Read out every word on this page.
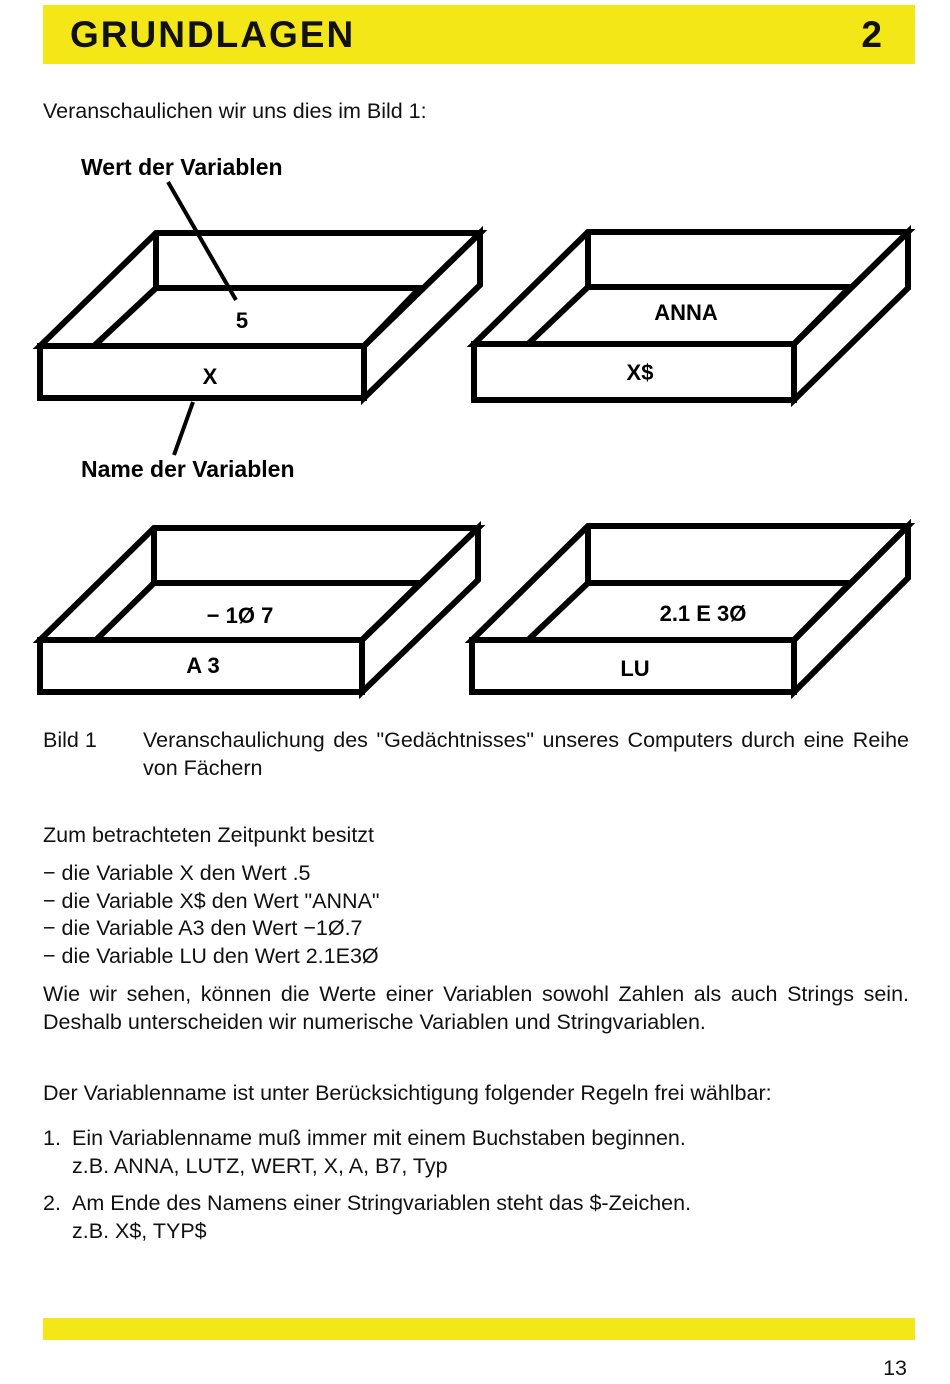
GRUNDLAGEN	2
Veranschaulichen wir uns dies im Bild 1:
Wert der Variablen
Name der Variablen
5
X
ANNA
X$
− 1Ø 7
A 3
2.1 E 3Ø
LU
Bild 1 Veranschaulichung des "Gedächtnisses" unseres Computers durch eine Reihe von Fächern
Zum betrachteten Zeitpunkt besitzt
− die Variable X den Wert .5
− die Variable X$ den Wert "ANNA"
− die Variable A3 den Wert −1Ø.7
− die Variable LU den Wert 2.1E3Ø
Wie wir sehen, können die Werte einer Variablen sowohl Zahlen als auch Strings sein. Deshalb unterscheiden wir numerische Variablen und Stringvariablen.
Der Variablenname ist unter Berücksichtigung folgender Regeln frei wählbar:
1. Ein Variablenname muß immer mit einem Buchstaben beginnen.
z.B. ANNA, LUTZ, WERT, X, A, B7, Typ
2. Am Ende des Namens einer Stringvariablen steht das $-Zeichen.
z.B. X$, TYP$
13
